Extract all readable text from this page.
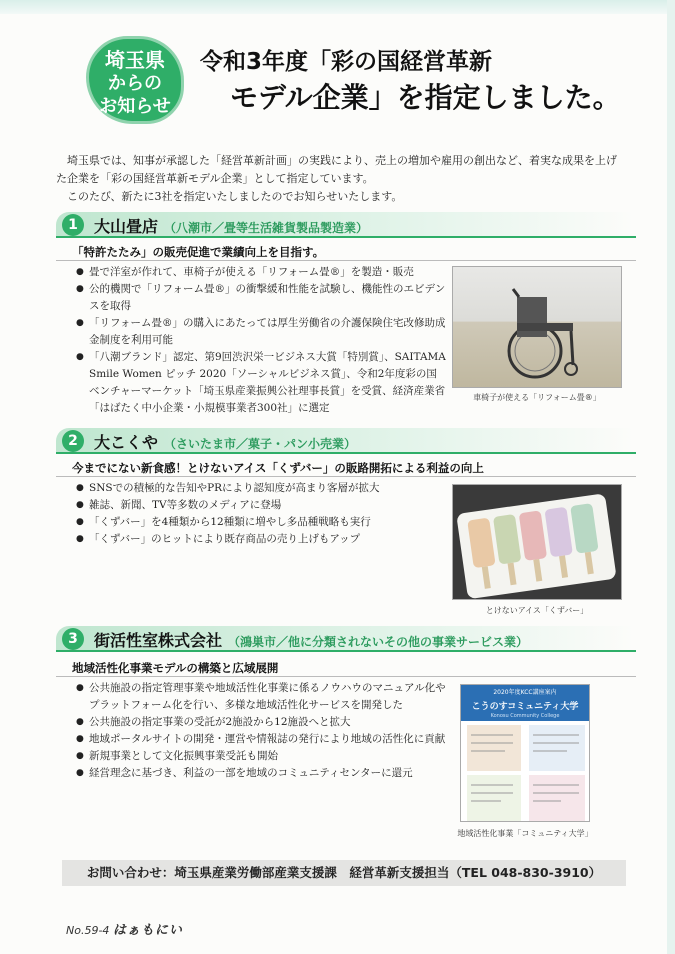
埼玉県
からの
お知らせ
令和3年度「彩の国経営革新
モデル企業」を指定しました。

埼玉県では、知事が承認した「経営革新計画」の実践により、売上の増加や雇用の創出など、着実な成果を上げた企業を「彩の国経営革新モデル企業」として指定しています。

このたび、新たに3社を指定いたしましたのでお知らせいたします。

1	大山畳店 （八潮市／畳等生活雑貨製品製造業）
「特許たたみ」の販売促進で業績向上を目指す。
● 畳で洋室が作れて、車椅子が使える「リフォーム畳®」を製造・販売
● 公的機関で「リフォーム畳®」の衝撃緩和性能を試験し、機能性のエビデンスを取得
● 「リフォーム畳®」の購入にあたっては厚生労働省の介護保険住宅改修助成金制度を利用可能
● 「八潮ブランド」認定、第9回渋沢栄一ビジネス大賞「特別賞」、SAITAMA Smile Women ピッチ 2020「ソーシャルビジネス賞」、令和2年度彩の国ベンチャーマーケット「埼玉県産業振興公社理事長賞」を受賞、経済産業省「はばたく中小企業・小規模事業者300社」に選定
車椅子が使える「リフォーム畳®」
2	大こくや （さいたま市／菓子・パン小売業）
今までにない新食感！とけないアイス「くずバー」の販路開拓による利益の向上
● SNSでの積極的な告知やPRにより認知度が高まり客層が拡大
● 雑誌、新聞、TV等多数のメディアに登場
● 「くずバー」を4種類から12種類に増やし多品種戦略も実行
● 「くずバー」のヒットにより既存商品の売り上げもアップ
とけないアイス「くずバー」
3	街活性室株式会社 （鴻巣市／他に分類されないその他の事業サービス業）
地域活性化事業モデルの構築と広域展開
● 公共施設の指定管理事業や地域活性化事業に係るノウハウのマニュアル化やプラットフォーム化を行い、多様な地域活性化サービスを開発した
● 公共施設の指定事業の受託が2施設から12施設へと拡大
● 地域ポータルサイトの開発・運営や情報誌の発行により地域の活性化に貢献
● 新規事業として文化振興事業受託も開始
● 経営理念に基づき、利益の一部を地域のコミュニティセンターに還元
2020年度KCC講座案内
こうのすコミュニティ大学
Konosu Community College
地域活性化事業「コミュニティ大学」
お問い合わせ：埼玉県産業労働部産業支援課　経営革新支援担当（TEL 048-830-3910）
No.59-4 はぁもにい
